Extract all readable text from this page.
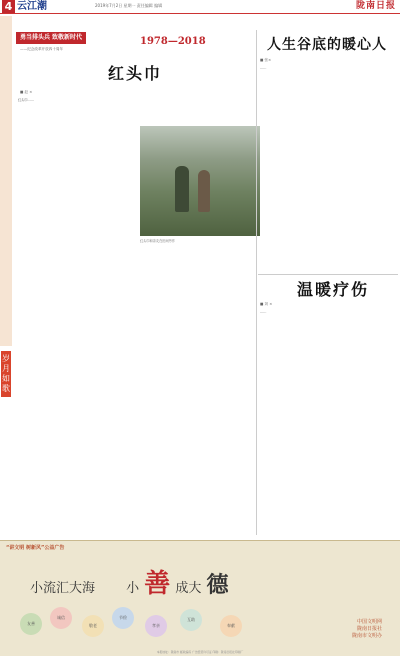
4 云江潮	2019年7月2日 星期一 责任编辑 编辑	陇南日报
岁月如歌
勇当排头兵 致敬新时代
——纪念改革开放四十周年
1978—2018
红头巾
■ 赵 ×
红头巾……
红头巾和亲友在田间劳作
人生谷底的暖心人
■ 张×
……
温暖疗伤
■ 刘 ×
……
“讲文明 树新风”公益广告
小流汇大海 小 善 成大 德
友善
诚信
敬老
节俭
孝亲
互助
奉献
中国文明网
陇南日报社
陇南市文明办
本报地址：陇南市 邮政编码 广告经营许可证 印刷：陇南日报社印刷厂
